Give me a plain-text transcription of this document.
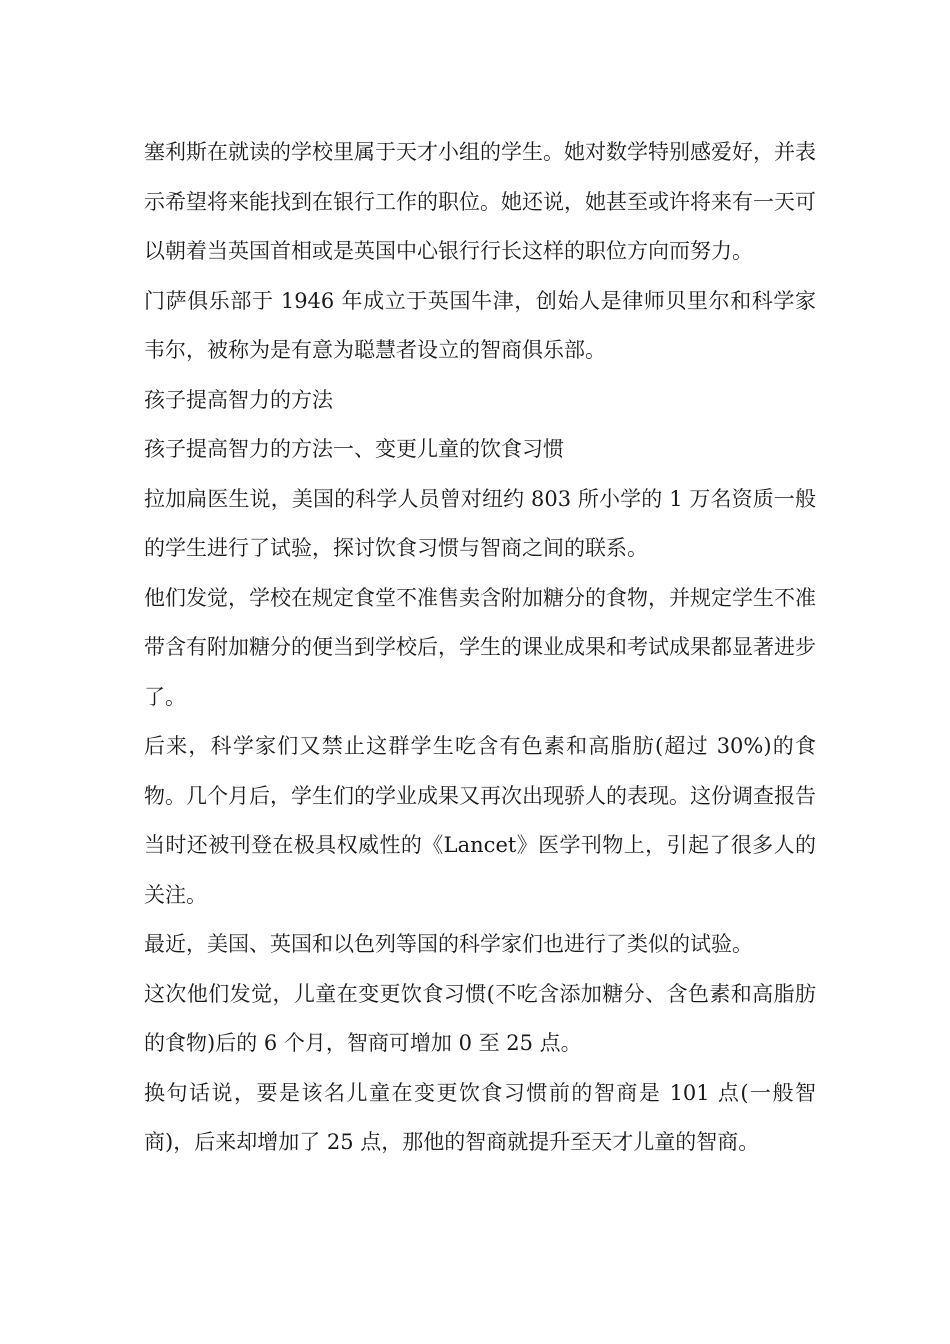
塞利斯在就读的学校里属于天才小组的学生。她对数学特别感爱好，并表示希望将来能找到在银行工作的职位。她还说，她甚至或许将来有一天可以朝着当英国首相或是英国中心银行行长这样的职位方向而努力。

门萨俱乐部于 1946 年成立于英国牛津，创始人是律师贝里尔和科学家韦尔，被称为是有意为聪慧者设立的智商俱乐部。

孩子提高智力的方法

孩子提高智力的方法一、变更儿童的饮食习惯

拉加扁医生说，美国的科学人员曾对纽约 803 所小学的 1 万名资质一般的学生进行了试验，探讨饮食习惯与智商之间的联系。

他们发觉，学校在规定食堂不准售卖含附加糖分的食物，并规定学生不准带含有附加糖分的便当到学校后，学生的课业成果和考试成果都显著进步了。

后来，科学家们又禁止这群学生吃含有色素和高脂肪(超过 30%)的食物。几个月后，学生们的学业成果又再次出现骄人的表现。这份调查报告当时还被刊登在极具权威性的《Lancet》医学刊物上，引起了很多人的关注。

最近，美国、英国和以色列等国的科学家们也进行了类似的试验。

这次他们发觉，儿童在变更饮食习惯(不吃含添加糖分、含色素和高脂肪的食物)后的 6 个月，智商可增加 0 至 25 点。

换句话说，要是该名儿童在变更饮食习惯前的智商是 101 点(一般智商)，后来却增加了 25 点，那他的智商就提升至天才儿童的智商。
